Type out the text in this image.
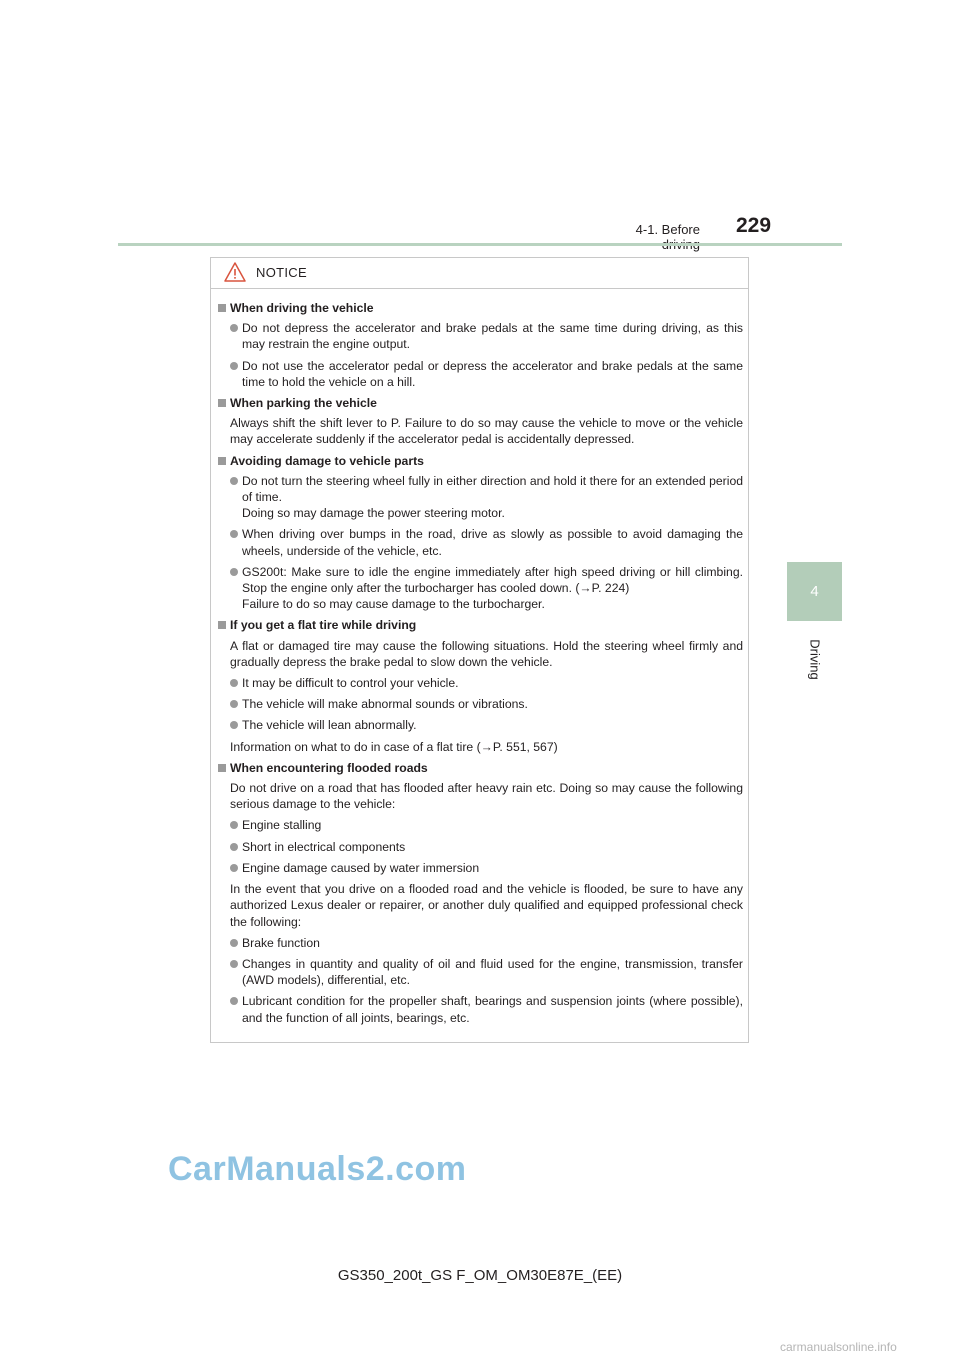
4-1. Before 229
4
Driving
NOTICE
When driving the vehicle
Do not depress the accelerator and brake pedals at the same time during driving, as this may restrain the engine output.
Do not use the accelerator pedal or depress the accelerator and brake pedals at the same time to hold the vehicle on a hill.
When parking the vehicle
Always shift the shift lever to P. Failure to do so may cause the vehicle to move or the vehicle may accelerate suddenly if the accelerator pedal is accidentally depressed.
Avoiding damage to vehicle parts
Do not turn the steering wheel fully in either direction and hold it there for an extended period of time.
Doing so may damage the power steering motor.
When driving over bumps in the road, drive as slowly as possible to avoid damaging the wheels, underside of the vehicle, etc.
GS200t: Make sure to idle the engine immediately after high speed driving or hill climbing. Stop the engine only after the turbocharger has cooled down. (→P. 224)
Failure to do so may cause damage to the turbocharger.
If you get a flat tire while driving
A flat or damaged tire may cause the following situations. Hold the steering wheel firmly and gradually depress the brake pedal to slow down the vehicle.
It may be difficult to control your vehicle.
The vehicle will make abnormal sounds or vibrations.
The vehicle will lean abnormally.
Information on what to do in case of a flat tire (→P. 551, 567)
When encountering flooded roads
Do not drive on a road that has flooded after heavy rain etc. Doing so may cause the following serious damage to the vehicle:
Engine stalling
Short in electrical components
Engine damage caused by water immersion
In the event that you drive on a flooded road and the vehicle is flooded, be sure to have any authorized Lexus dealer or repairer, or another duly qualified and equipped professional check the following:
Brake function
Changes in quantity and quality of oil and fluid used for the engine, transmission, transfer (AWD models), differential, etc.
Lubricant condition for the propeller shaft, bearings and suspension joints (where possible), and the function of all joints, bearings, etc.
GS350_200t_GS F_OM_OM30E87E_(EE)
CarManuals2.com
carmanualsonline.info
